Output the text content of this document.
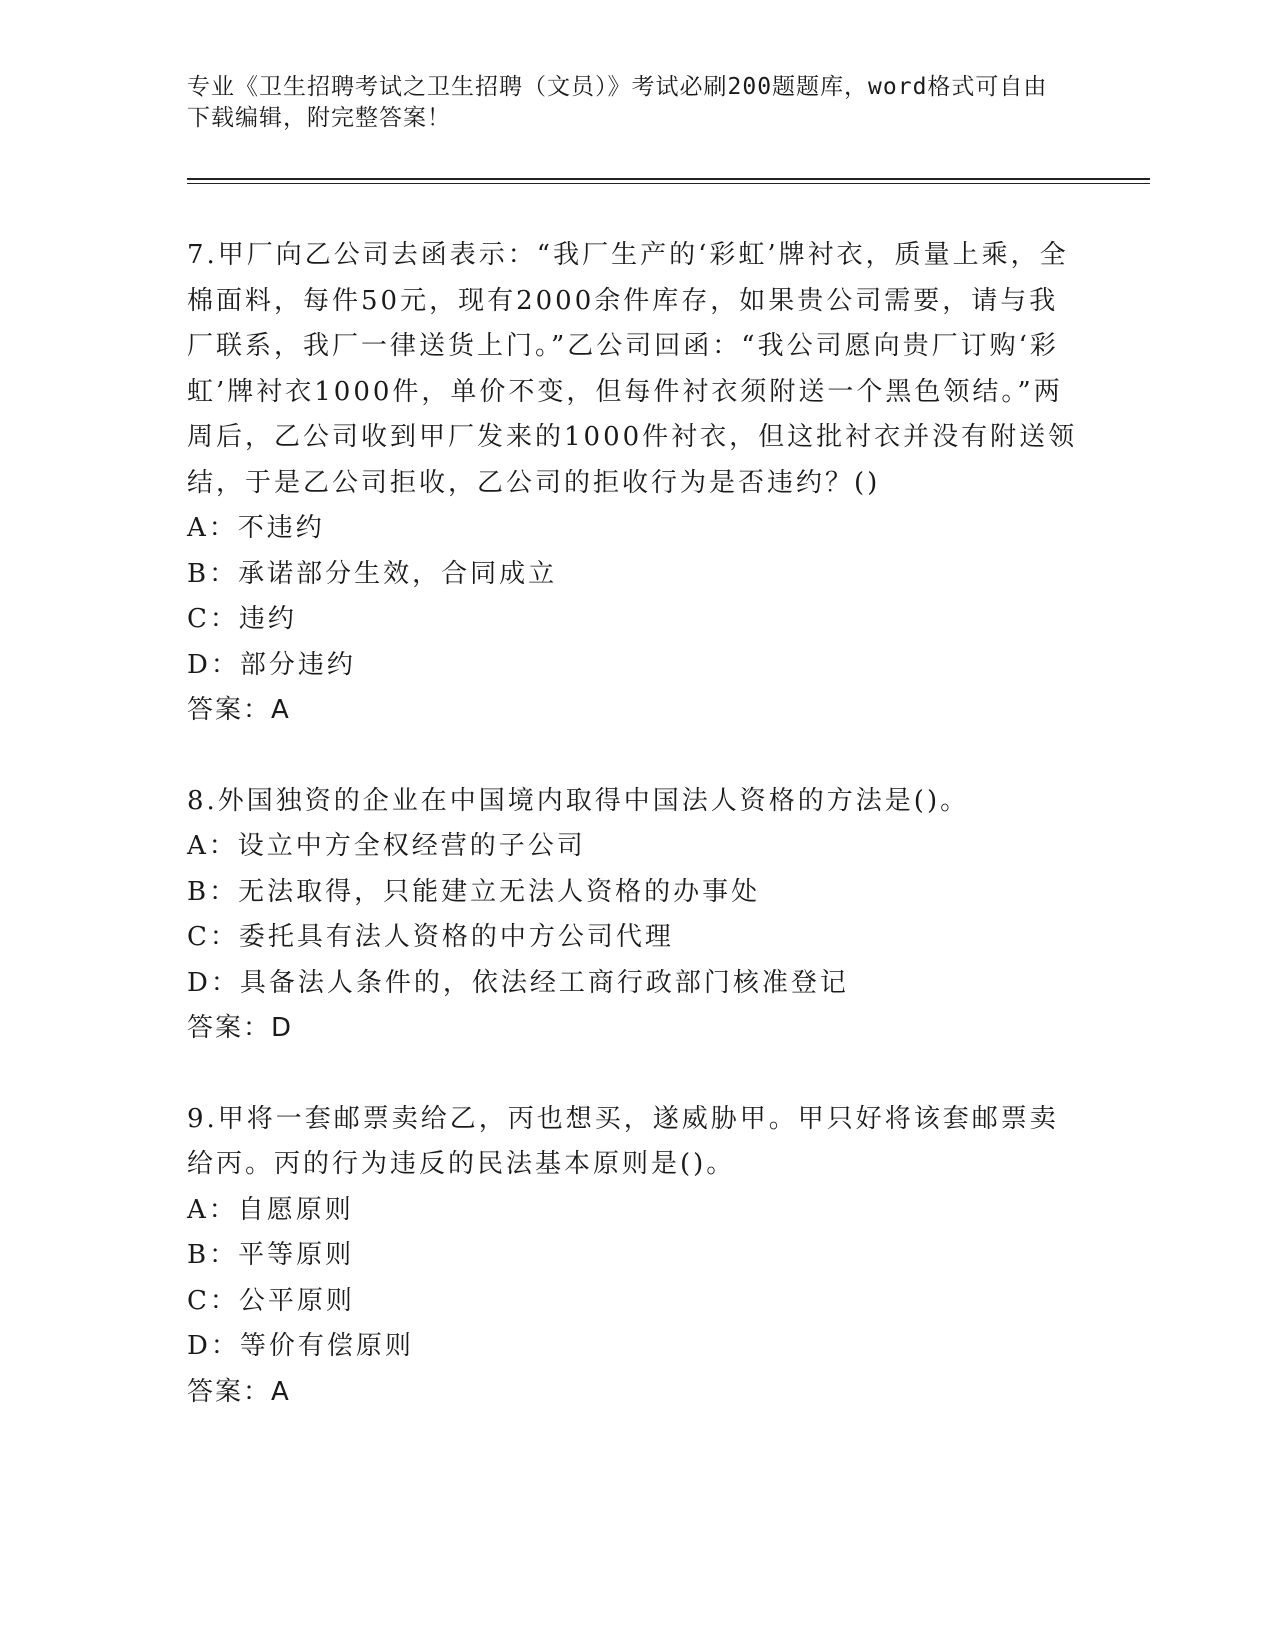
专业《卫生招聘考试之卫生招聘（文员）》考试必刷200题题库，word格式可自由下载编辑，附完整答案！

7.甲厂向乙公司去函表示：“我厂生产的‘彩虹’牌衬衣，质量上乘，全棉面料，每件50元，现有2000余件库存，如果贵公司需要，请与我厂联系，我厂一律送货上门。”乙公司回函：“我公司愿向贵厂订购‘彩虹’牌衬衣1000件，单价不变，但每件衬衣须附送一个黑色领结。”两周后，乙公司收到甲厂发来的1000件衬衣，但这批衬衣并没有附送领结，于是乙公司拒收，乙公司的拒收行为是否违约？()

A：不违约

B：承诺部分生效，合同成立

C：违约

D：部分违约

答案：A

8.外国独资的企业在中国境内取得中国法人资格的方法是()。

A：设立中方全权经营的子公司

B：无法取得，只能建立无法人资格的办事处

C：委托具有法人资格的中方公司代理

D：具备法人条件的，依法经工商行政部门核准登记

答案：D

9.甲将一套邮票卖给乙，丙也想买，遂威胁甲。甲只好将该套邮票卖给丙。丙的行为违反的民法基本原则是()。

A：自愿原则

B：平等原则

C：公平原则

D：等价有偿原则

答案：A
